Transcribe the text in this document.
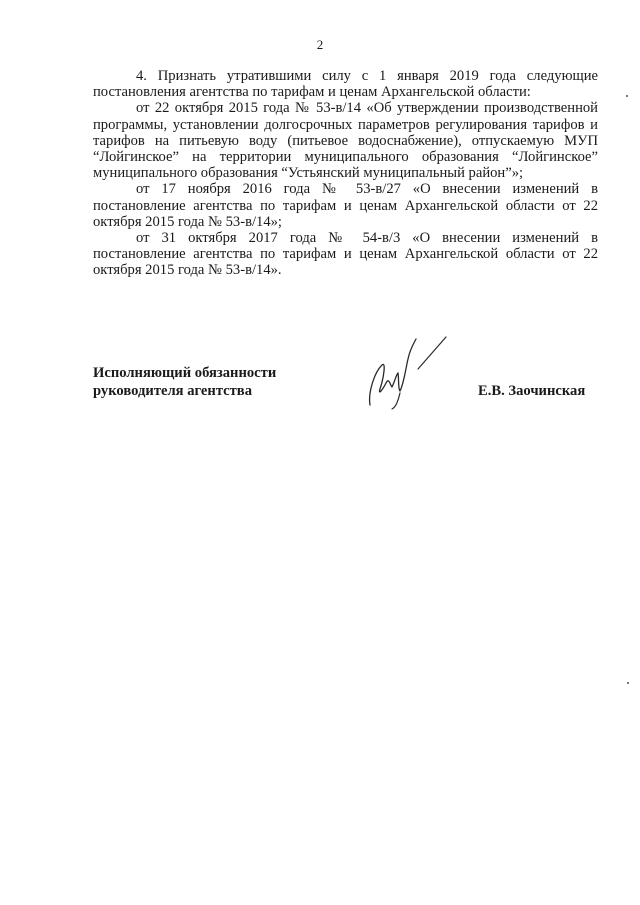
2

4. Признать утратившими силу с 1 января 2019 года следующие постановления агентства по тарифам и ценам Архангельской области:

от 22 октября 2015 года № 53-в/14 «Об утверждении производственной программы, установлении долгосрочных параметров регулирования тарифов и тарифов на питьевую воду (питьевое водоснабжение), отпускаемую МУП “Лойгинское” на территории муниципального образования “Лойгинское” муниципального образования “Устьянский муниципальный район”»;

от 17 ноября 2016 года № 53-в/27 «О внесении изменений в постановление агентства по тарифам и ценам Архангельской области от 22 октября 2015 года № 53-в/14»;

от 31 октября 2017 года № 54-в/3 «О внесении изменений в постановление агентства по тарифам и ценам Архангельской области от 22 октября 2015 года № 53-в/14».

Исполняющий обязанности
руководителя агентства	Е.В. Заочинская
